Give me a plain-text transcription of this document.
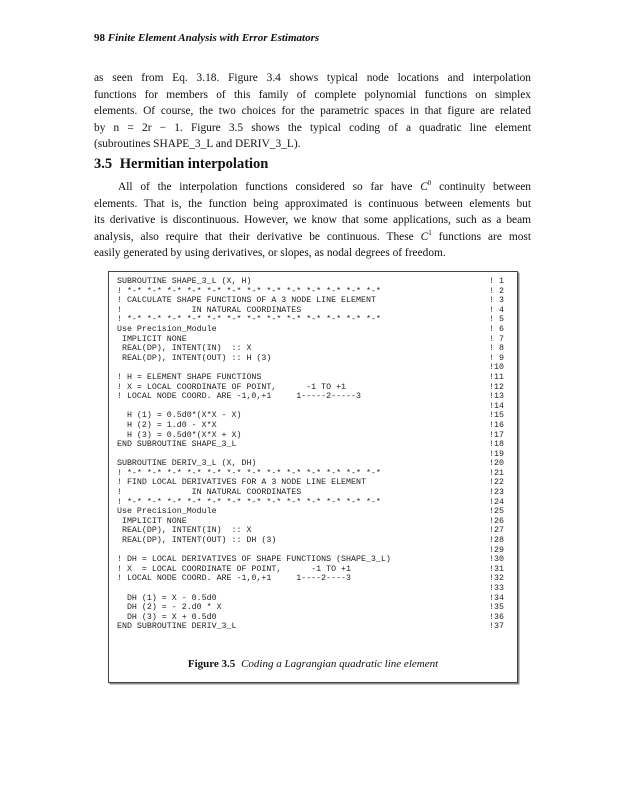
98 Finite Element Analysis with Error Estimators
as seen from Eq. 3.18. Figure 3.4 shows typical node locations and interpolation
functions for members of this family of complete polynomial functions on simplex
elements. Of course, the two choices for the parametric spaces in that figure are related
by n = 2r − 1. Figure 3.5 shows the typical coding of a quadratic line element
(subroutines SHAPE_3_L and DERIV_3_L).
3.5 Hermitian interpolation
All of the interpolation functions considered so far have $C^0$ continuity between
elements. That is, the function being approximated is continuous between elements but
its derivative is discontinuous. However, we know that some applications, such as a beam
analysis, also require that their derivative be continuous. These $C^1$ functions are most
easily generated by using derivatives, or slopes, as nodal degrees of freedom.
SUBROUTINE SHAPE_3_L (X, H)	! 1
! *-* *-* *-* *-* *-* *-* *-* *-* *-* *-* *-* *-* *-*	! 2
! CALCULATE SHAPE FUNCTIONS OF A 3 NODE LINE ELEMENT	! 3
!              IN NATURAL COORDINATES	! 4
! *-* *-* *-* *-* *-* *-* *-* *-* *-* *-* *-* *-* *-*	! 5
Use Precision_Module	! 6
IMPLICIT NONE	! 7
REAL(DP), INTENT(IN)  :: X	! 8
REAL(DP), INTENT(OUT) :: H (3)	! 9
!10
! H = ELEMENT SHAPE FUNCTIONS	!11
! X = LOCAL COORDINATE OF POINT,      -1 TO +1	!12
! LOCAL NODE COORD. ARE -1,0,+1     1-----2-----3	!13
!14
H (1) = 0.5d0*(X*X - X)	!15
H (2) = 1.d0 - X*X	!16
H (3) = 0.5d0*(X*X + X)	!17
END SUBROUTINE SHAPE_3_L	!18
!19
SUBROUTINE DERIV_3_L (X, DH)	!20
! *-* *-* *-* *-* *-* *-* *-* *-* *-* *-* *-* *-* *-*	!21
! FIND LOCAL DERIVATIVES FOR A 3 NODE LINE ELEMENT	!22
!              IN NATURAL COORDINATES	!23
! *-* *-* *-* *-* *-* *-* *-* *-* *-* *-* *-* *-* *-*	!24
Use Precision_Module	!25
IMPLICIT NONE	!26
REAL(DP), INTENT(IN)  :: X	!27
REAL(DP), INTENT(OUT) :: DH (3)	!28
!29
! DH = LOCAL DERIVATIVES OF SHAPE FUNCTIONS (SHAPE_3_L)	!30
! X  = LOCAL COORDINATE OF POINT,      -1 TO +1	!31
! LOCAL NODE COORD. ARE -1,0,+1     1----2----3	!32
!33
DH (1) = X - 0.5d0	!34
DH (2) = - 2.d0 * X	!35
DH (3) = X + 0.5d0	!36
END SUBROUTINE DERIV_3_L	!37
Figure 3.5 Coding a Lagrangian quadratic line element
